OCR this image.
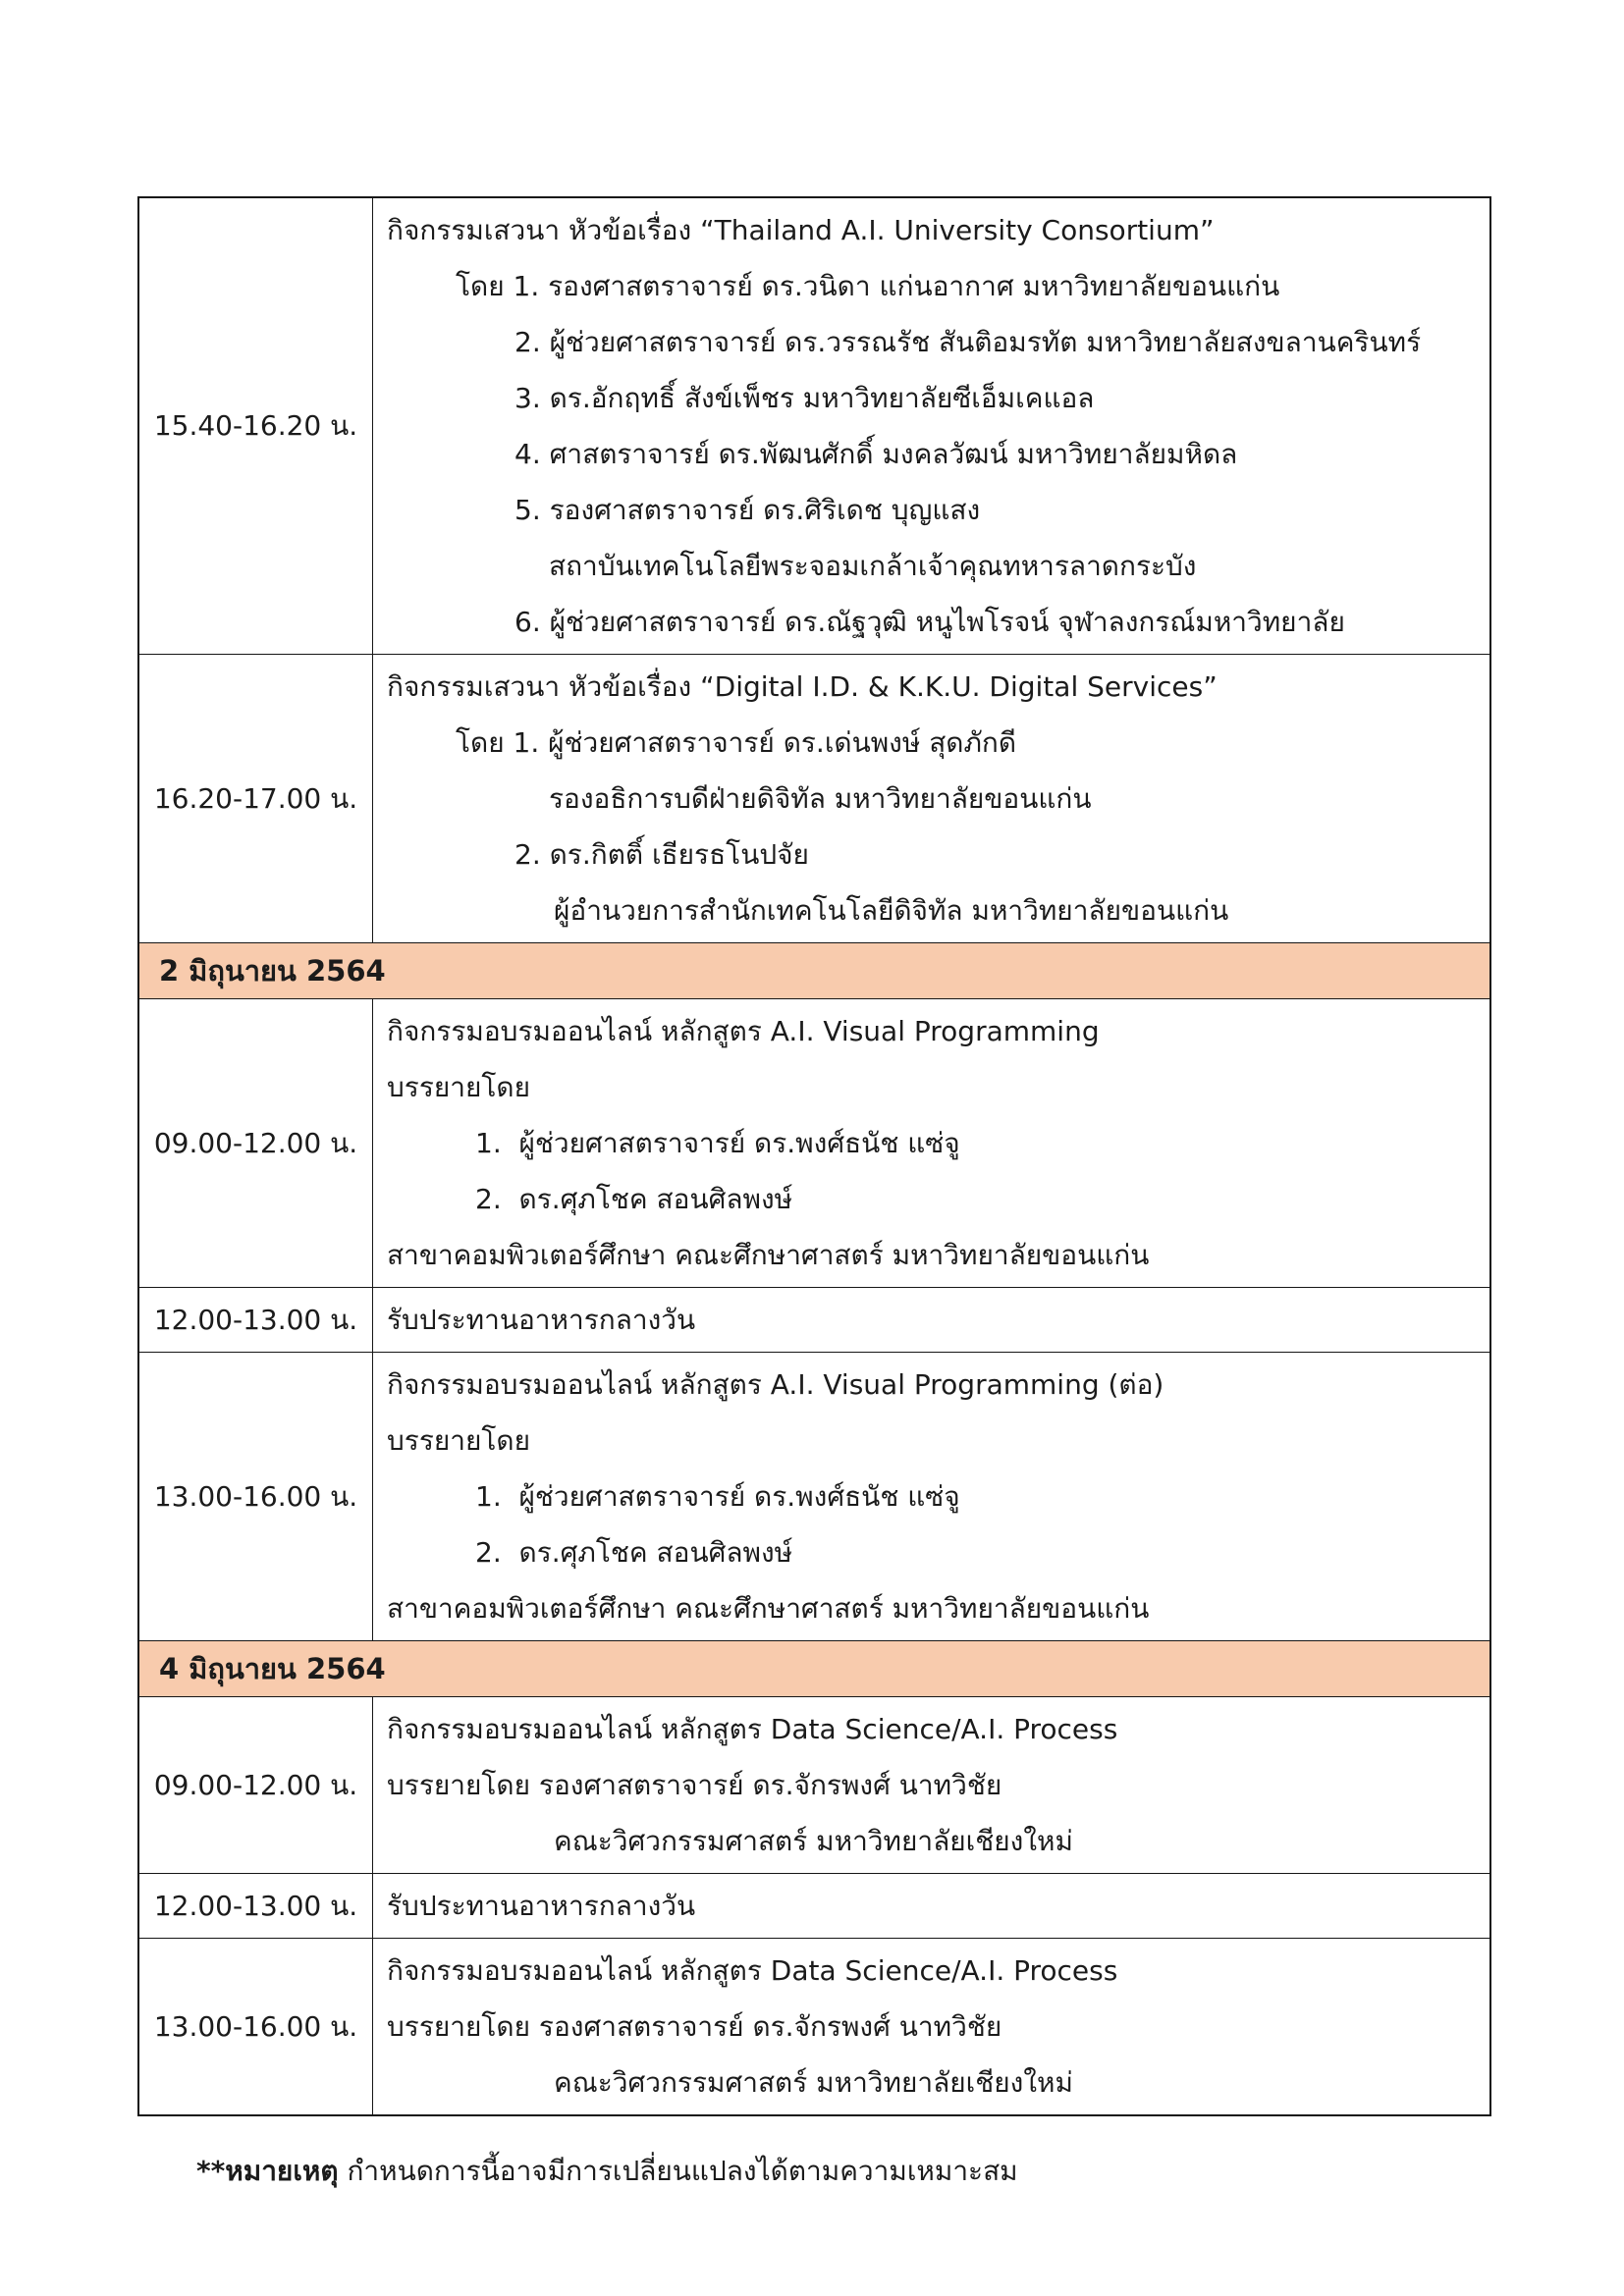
15.40-16.20 น.
กิจกรรมเสวนา หัวข้อเรื่อง “Thailand A.I. University Consortium”
โดย 1. รองศาสตราจารย์ ดร.วนิดา แก่นอากาศ มหาวิทยาลัยขอนแก่น
2. ผู้ช่วยศาสตราจารย์ ดร.วรรณรัช สันติอมรทัต มหาวิทยาลัยสงขลานครินทร์
3. ดร.อักฤทธิ์ สังข์เพ็ชร มหาวิทยาลัยซีเอ็มเคแอล
4. ศาสตราจารย์ ดร.พัฒนศักดิ์ มงคลวัฒน์ มหาวิทยาลัยมหิดล
5. รองศาสตราจารย์ ดร.ศิริเดช บุญแสง
สถาบันเทคโนโลยีพระจอมเกล้าเจ้าคุณทหารลาดกระบัง
6. ผู้ช่วยศาสตราจารย์ ดร.ณัฐวุฒิ หนูไพโรจน์ จุฬาลงกรณ์มหาวิทยาลัย
16.20-17.00 น.
กิจกรรมเสวนา หัวข้อเรื่อง “Digital I.D. & K.K.U. Digital Services”
โดย 1. ผู้ช่วยศาสตราจารย์ ดร.เด่นพงษ์ สุดภักดี
รองอธิการบดีฝ่ายดิจิทัล มหาวิทยาลัยขอนแก่น
2. ดร.กิตติ์ เธียรธโนปจัย
ผู้อำนวยการสำนักเทคโนโลยีดิจิทัล มหาวิทยาลัยขอนแก่น
2 มิถุนายน 2564
09.00-12.00 น.
กิจกรรมอบรมออนไลน์ หลักสูตร A.I. Visual Programming
บรรยายโดย
1.  ผู้ช่วยศาสตราจารย์ ดร.พงศ์ธนัช แซ่จู
2.  ดร.ศุภโชค สอนศิลพงษ์
สาขาคอมพิวเตอร์ศึกษา คณะศึกษาศาสตร์ มหาวิทยาลัยขอนแก่น
12.00-13.00 น.	รับประทานอาหารกลางวัน
13.00-16.00 น.
กิจกรรมอบรมออนไลน์ หลักสูตร A.I. Visual Programming (ต่อ)
บรรยายโดย
1.  ผู้ช่วยศาสตราจารย์ ดร.พงศ์ธนัช แซ่จู
2.  ดร.ศุภโชค สอนศิลพงษ์
สาขาคอมพิวเตอร์ศึกษา คณะศึกษาศาสตร์ มหาวิทยาลัยขอนแก่น
4 มิถุนายน 2564
09.00-12.00 น.
กิจกรรมอบรมออนไลน์ หลักสูตร Data Science/A.I. Process
บรรยายโดย รองศาสตราจารย์ ดร.จักรพงศ์ นาทวิชัย
คณะวิศวกรรมศาสตร์ มหาวิทยาลัยเชียงใหม่
12.00-13.00 น.	รับประทานอาหารกลางวัน
13.00-16.00 น.
กิจกรรมอบรมออนไลน์ หลักสูตร Data Science/A.I. Process
บรรยายโดย รองศาสตราจารย์ ดร.จักรพงศ์ นาทวิชัย
คณะวิศวกรรมศาสตร์ มหาวิทยาลัยเชียงใหม่
**หมายเหตุ กำหนดการนี้อาจมีการเปลี่ยนแปลงได้ตามความเหมาะสม
